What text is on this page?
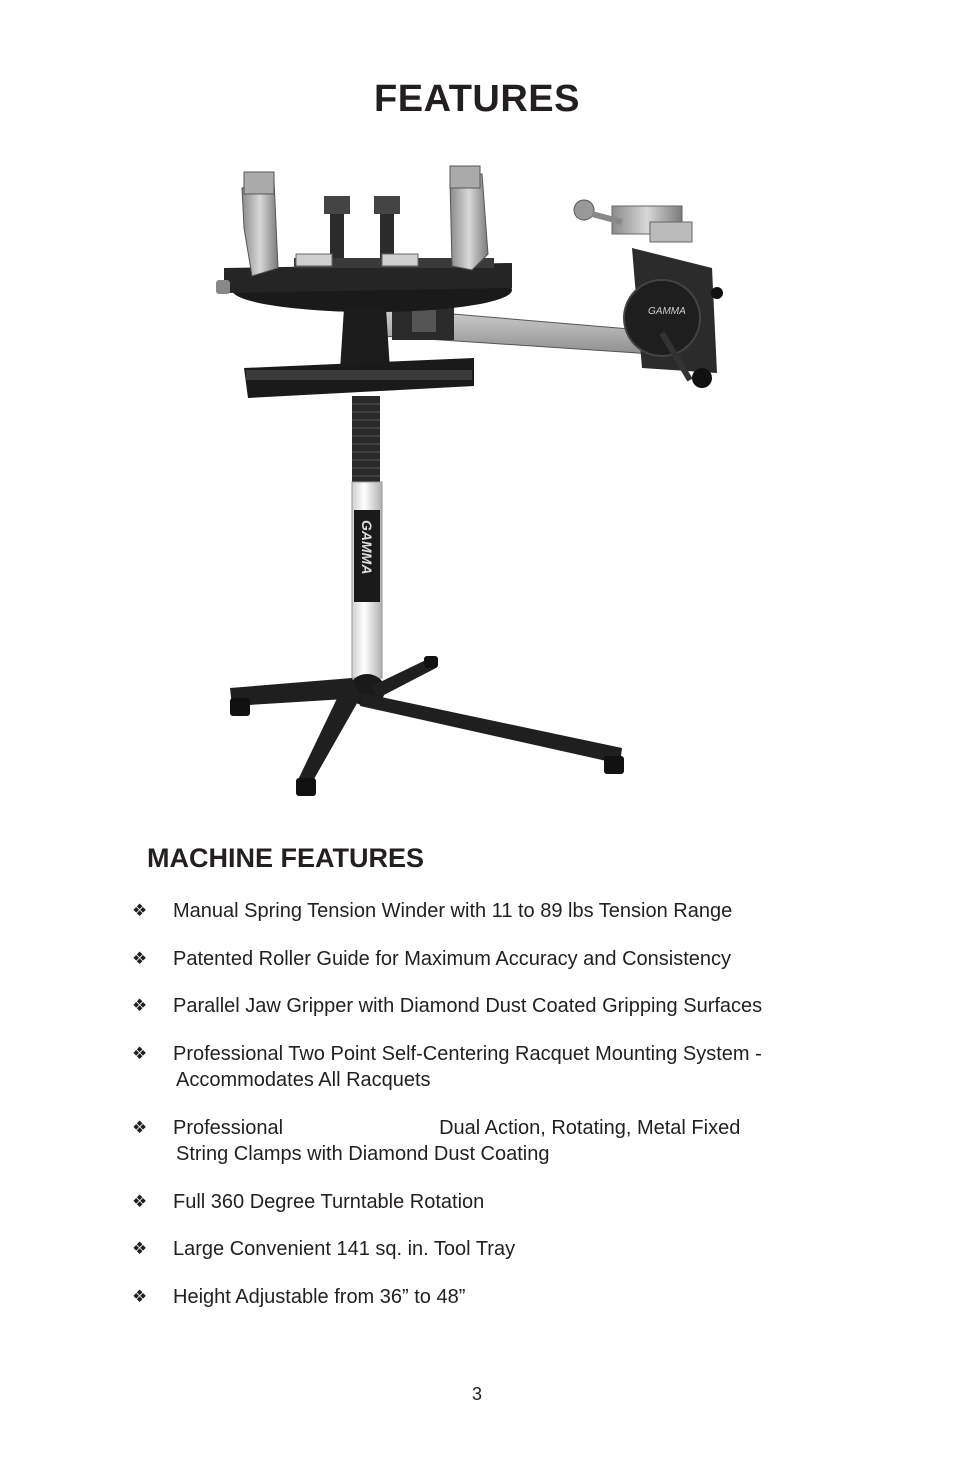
FEATURES
GAMMA
GAMMA
MACHINE FEATURES
❖ Manual Spring Tension Winder with 11 to 89 lbs Tension Range
❖ Patented Roller Guide for Maximum Accuracy and Consistency
❖ Parallel Jaw Gripper with Diamond Dust Coated Gripping Surfaces
❖ Professional Two Point Self-Centering Racquet Mounting System -
Accommodates All Racquets
❖ Professional	Dual Action, Rotating, Metal Fixed
String Clamps with Diamond Dust Coating
❖ Full 360 Degree Turntable Rotation
❖ Large Convenient 141 sq. in. Tool Tray
❖ Height Adjustable from 36” to 48”
3
